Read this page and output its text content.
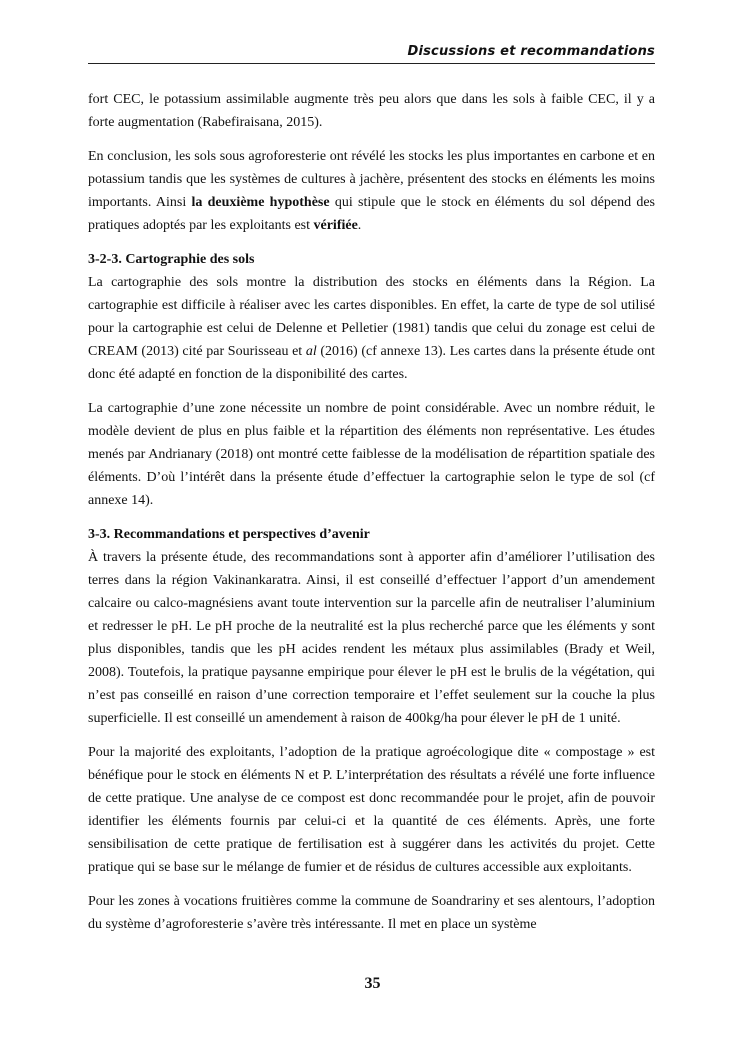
Discussions et recommandations

fort CEC, le potassium assimilable augmente très peu alors que dans les sols à faible CEC, il y a forte augmentation (Rabefiraisana, 2015).

En conclusion, les sols sous agroforesterie ont révélé les stocks les plus importantes en carbone et en potassium tandis que les systèmes de cultures à jachère, présentent des stocks en éléments les moins importants. Ainsi la deuxième hypothèse qui stipule que le stock en éléments du sol dépend des pratiques adoptés par les exploitants est vérifiée.

3-2-3. Cartographie des sols

La cartographie des sols montre la distribution des stocks en éléments dans la Région. La cartographie est difficile à réaliser avec les cartes disponibles. En effet, la carte de type de sol utilisé pour la cartographie est celui de Delenne et Pelletier (1981) tandis que celui du zonage est celui de CREAM (2013) cité par Sourisseau et al (2016) (cf annexe 13). Les cartes dans la présente étude ont donc été adapté en fonction de la disponibilité des cartes.

La cartographie d’une zone nécessite un nombre de point considérable. Avec un nombre réduit, le modèle devient de plus en plus faible et la répartition des éléments non représentative. Les études menés par Andrianary (2018) ont montré cette faiblesse de la modélisation de répartition spatiale des éléments. D’où l’intérêt dans la présente étude d’effectuer la cartographie selon le type de sol (cf annexe 14).

3-3. Recommandations et perspectives d’avenir

À travers la présente étude, des recommandations sont à apporter afin d’améliorer l’utilisation des terres dans la région Vakinankaratra. Ainsi, il est conseillé d’effectuer l’apport d’un amendement calcaire ou calco-magnésiens avant toute intervention sur la parcelle afin de neutraliser l’aluminium et redresser le pH. Le pH proche de la neutralité est la plus recherché parce que les éléments y sont plus disponibles, tandis que les pH acides rendent les métaux plus assimilables (Brady et Weil, 2008). Toutefois, la pratique paysanne empirique pour élever le pH est le brulis de la végétation, qui n’est pas conseillé en raison d’une correction temporaire et l’effet seulement sur la couche la plus superficielle. Il est conseillé un amendement à raison de 400kg/ha pour élever le pH de 1 unité.

Pour la majorité des exploitants, l’adoption de la pratique agroécologique dite « compostage » est bénéfique pour le stock en éléments N et P. L’interprétation des résultats a révélé une forte influence de cette pratique. Une analyse de ce compost est donc recommandée pour le projet, afin de pouvoir identifier les éléments fournis par celui-ci et la quantité de ces éléments. Après, une forte sensibilisation de cette pratique de fertilisation est à suggérer dans les activités du projet. Cette pratique qui se base sur le mélange de fumier et de résidus de cultures accessible aux exploitants.

Pour les zones à vocations fruitières comme la commune de Soandrariny et ses alentours, l’adoption du système d’agroforesterie s’avère très intéressante. Il met en place un système

35
